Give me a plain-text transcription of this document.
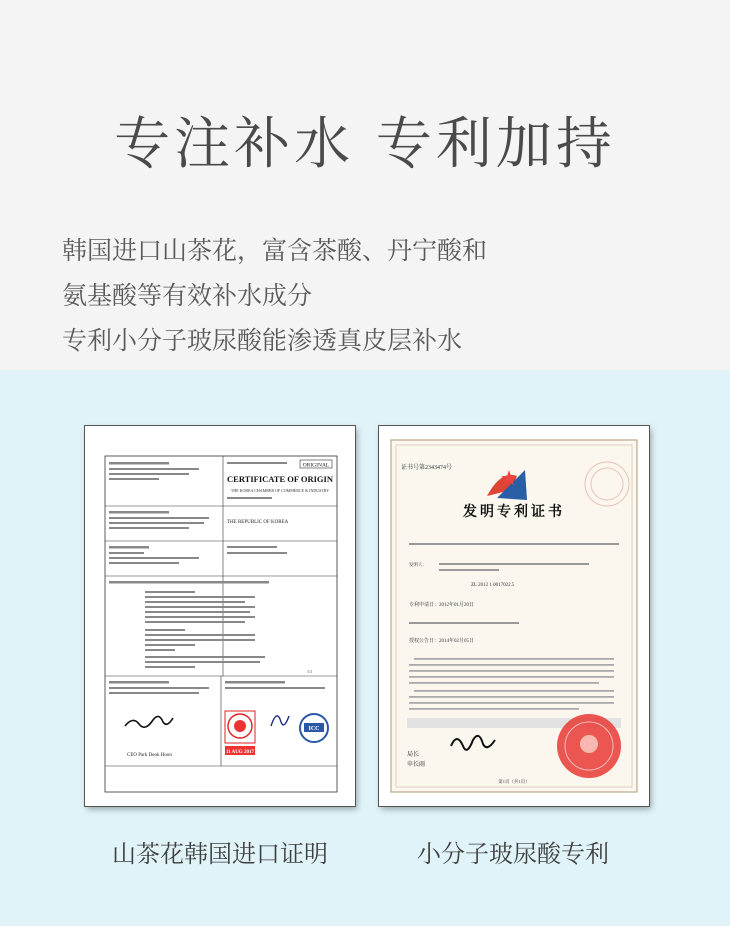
专注补水 专利加持
韩国进口山茶花，富含茶酸、丹宁酸和
氨基酸等有效补水成分
专利小分子玻尿酸能渗透真皮层补水
ORIGINAL
CERTIFICATE OF ORIGIN
THE KOREA CHAMBER OF COMMERCE & INDUSTRY
THE REPUBLIC OF KOREA
1/1
CEO Park Deok Hoon
11 AUG 2017
ICC
证书号第2343474号
发明专利证书
发明人：
ZL 2012 1 0017022.5
专利申请日：2012年01月20日
授权公告日：2014年02月05日
局长
申长雨
第1页（共1页）
山茶花韩国进口证明	小分子玻尿酸专利
